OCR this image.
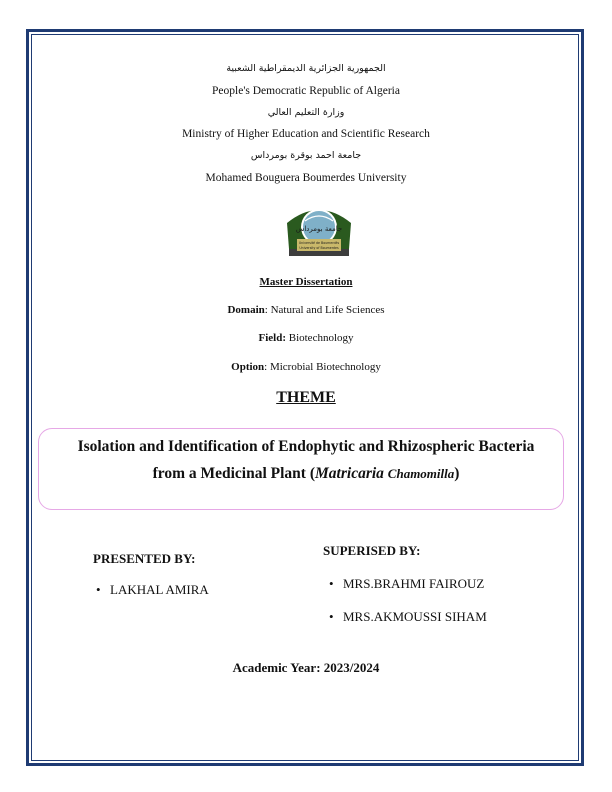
الجمهورية الجزائرية الديمقراطية الشعبية
People's Democratic Republic of Algeria
وزارة التعليم العالي
Ministry of Higher Education and Scientific Research
جامعة احمد بوقرة بومرداس
Mohamed Bouguera Boumerdes University
جامعة بومرداس
Université de Boumerdès
University of Boumerdes
Master Dissertation
Domain: Natural and Life Sciences
Field: Biotechnology
Option: Microbial Biotechnology
THEME
Isolation and Identification of Endophytic and Rhizospheric Bacteria
from a Medicinal Plant (Matricaria Chamomilla)
PRESENTED BY:
• LAKHAL AMIRA
SUPERISED BY:
• MRS.BRAHMI FAIROUZ
• MRS.AKMOUSSI SIHAM
Academic Year: 2023/2024
